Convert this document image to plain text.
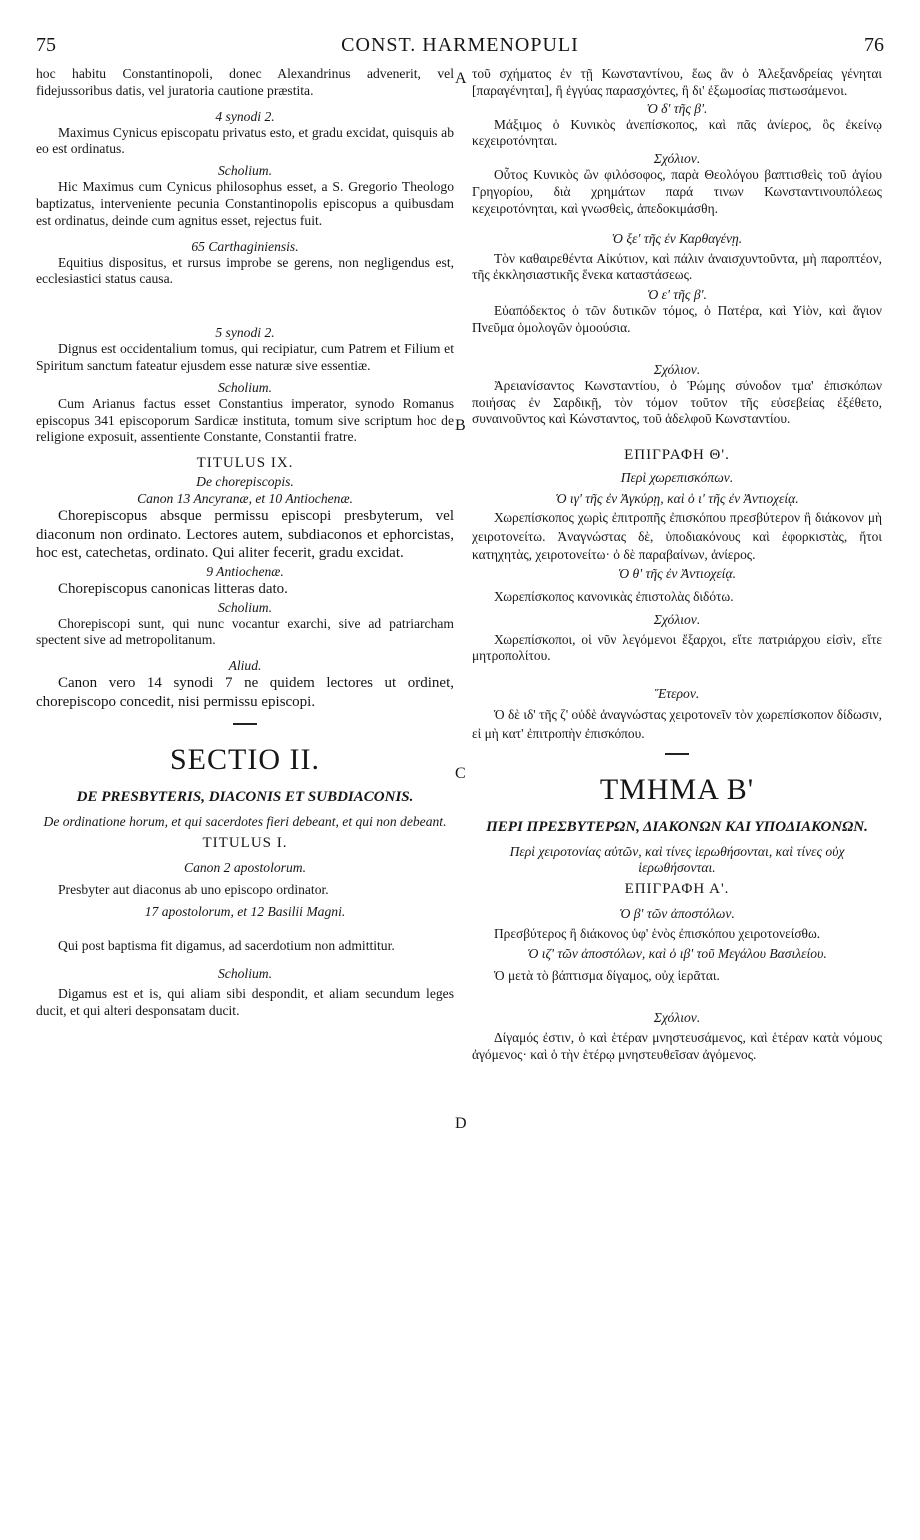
75	CONST. HARMENOPULI	76
A
B
C
D

hoc habitu Constantinopoli, donec Alexandrinus advenerit, vel fidejussoribus datis, vel juratoria cautione præstita.

4 synodi 2.

Maximus Cynicus episcopatu privatus esto, et gradu excidat, quisquis ab eo est ordinatus.

Scholium.

Hic Maximus cum Cynicus philosophus esset, a S. Gregorio Theologo baptizatus, interveniente pecunia Constantinopolis episcopus a quibusdam est ordinatus, deinde cum agnitus esset, rejectus fuit.

65 Carthaginiensis.

Equitius dispositus, et rursus improbe se gerens, non negligendus est, ecclesiastici status causa.

5 synodi 2.

Dignus est occidentalium tomus, qui recipiatur, cum Patrem et Filium et Spiritum sanctum fateatur ejusdem esse naturæ sive essentiæ.

Scholium.

Cum Arianus factus esset Constantius imperator, synodo Romanus episcopus 341 episcoporum Sardicæ instituta, tomum sive scriptum hoc de religione exposuit, assentiente Constante, Constantii fratre.

TITULUS IX.

De chorepiscopis.

Canon 13 Ancyranæ, et 10 Antiochenæ.

Chorepiscopus absque permissu episcopi presbyterum, vel diaconum non ordinato. Lectores autem, subdiaconos et ephorcistas, hoc est, catechetas, ordinato. Qui aliter fecerit, gradu excidat.

9 Antiochenæ.

Chorepiscopus canonicas litteras dato.

Scholium.

Chorepiscopi sunt, qui nunc vocantur exarchi, sive ad patriarcham spectent sive ad metropolitanum.

Aliud.

Canon vero 14 synodi 7 ne quidem lectores ut ordinet, chorepiscopo concedit, nisi permissu episcopi.

SECTIO II.

DE PRESBYTERIS, DIACONIS ET SUBDIACONIS.

De ordinatione horum, et qui sacerdotes fieri debeant, et qui non debeant.

TITULUS I.

Canon 2 apostolorum.

Presbyter aut diaconus ab uno episcopo ordinator.

17 apostolorum, et 12 Basilii Magni.

Qui post baptisma fit digamus, ad sacerdotium non admittitur.

Scholium.

Digamus est et is, qui aliam sibi despondit, et aliam secundum leges ducit, et qui alteri desponsatam ducit.

τοῦ σχήματος ἐν τῇ Κωνσταντίνου, ἕως ἂν ὁ Ἀλεξανδρείας γένηται [παραγένηται], ἢ ἐγγύας παρασχόντες, ἢ δι' ἐξωμοσίας πιστωσάμενοι.

Ὁ δ' τῆς β'.

Μάξιμος ὁ Κυνικὸς ἀνεπίσκοπος, καὶ πᾶς ἀνίερος, ὃς ἐκείνῳ κεχειροτόνηται.

Σχόλιον.

Οὗτος Κυνικὸς ὢν φιλόσοφος, παρὰ Θεολόγου βαπτισθεὶς τοῦ ἁγίου Γρηγορίου, διὰ χρημάτων παρά τινων Κωνσταντινουπόλεως κεχειροτόνηται, καὶ γνωσθεὶς, ἀπεδοκιμάσθη.

Ὁ ξε' τῆς ἐν Καρθαγένῃ.

Τὸν καθαιρεθέντα Αἰκύτιον, καὶ πάλιν ἀναισχυντοῦντα, μὴ παροπτέον, τῆς ἐκκλησιαστικῆς ἕνεκα καταστάσεως.

Ὁ ε' τῆς β'.

Εὐαπόδεκτος ὁ τῶν δυτικῶν τόμος, ὁ Πατέρα, καὶ Υἱὸν, καὶ ἅγιον Πνεῦμα ὁμολογῶν ὁμοούσια.

Σχόλιον.

Ἀρειανίσαντος Κωνσταντίου, ὁ Ῥώμης σύνοδον τμα' ἐπισκόπων ποιήσας ἐν Σαρδικῇ, τὸν τόμον τοῦτον τῆς εὐσεβείας ἐξέθετο, συναινοῦντος καὶ Κώνσταντος, τοῦ ἀδελφοῦ Κωνσταντίου.

ΕΠΙΓΡΑΦΗ Θ'.

Περὶ χωρεπισκόπων.

Ὁ ιγ' τῆς ἐν Ἀγκύρῃ, καὶ ὁ ι' τῆς ἐν Ἀντιοχείᾳ.

Χωρεπίσκοπος χωρὶς ἐπιτροπῆς ἐπισκόπου πρεσβύτερον ἢ διάκονον μὴ χειροτονείτω. Ἀναγνώστας δὲ, ὑποδιακόνους καὶ ἐφορκιστὰς, ἤτοι κατηχητὰς, χειροτονείτω· ὁ δὲ παραβαίνων, ἀνίερος.

Ὁ θ' τῆς ἐν Ἀντιοχείᾳ.

Χωρεπίσκοπος κανονικὰς ἐπιστολὰς διδότω.

Σχόλιον.

Χωρεπίσκοποι, οἱ νῦν λεγόμενοι ἔξαρχοι, εἴτε πατριάρχου εἰσὶν, εἴτε μητροπολίτου.

Ἕτερον.

Ὁ δὲ ιδ' τῆς ζ' οὐδὲ ἀναγνώστας χειροτονεῖν τὸν χωρεπίσκοπον δίδωσιν, εἰ μὴ κατ' ἐπιτροπὴν ἐπισκόπου.

ΤΜΗΜΑ Β'

ΠΕΡΙ ΠΡΕΣΒΥΤΕΡΩΝ, ΔΙΑΚΟΝΩΝ ΚΑΙ ΥΠΟΔΙΑΚΟΝΩΝ.

Περὶ χειροτονίας αὐτῶν, καὶ τίνες ἱερωθήσονται, καὶ τίνες οὐχ ἱερωθήσονται.

ΕΠΙΓΡΑΦΗ Α'.

Ὁ β' τῶν ἀποστόλων.

Πρεσβύτερος ἢ διάκονος ὑφ' ἑνὸς ἐπισκόπου χειροτονείσθω.

Ὁ ιζ' τῶν ἀποστόλων, καὶ ὁ ιβ' τοῦ Μεγάλου Βασιλείου.

Ὁ μετὰ τὸ βάπτισμα δίγαμος, οὐχ ἱερᾶται.

Σχόλιον.

Δίγαμός ἐστιν, ὁ καὶ ἑτέραν μνηστευσάμενος, καὶ ἑτέραν κατὰ νόμους ἀγόμενος· καὶ ὁ τὴν ἑτέρῳ μνηστευθεῖσαν ἀγόμενος.
